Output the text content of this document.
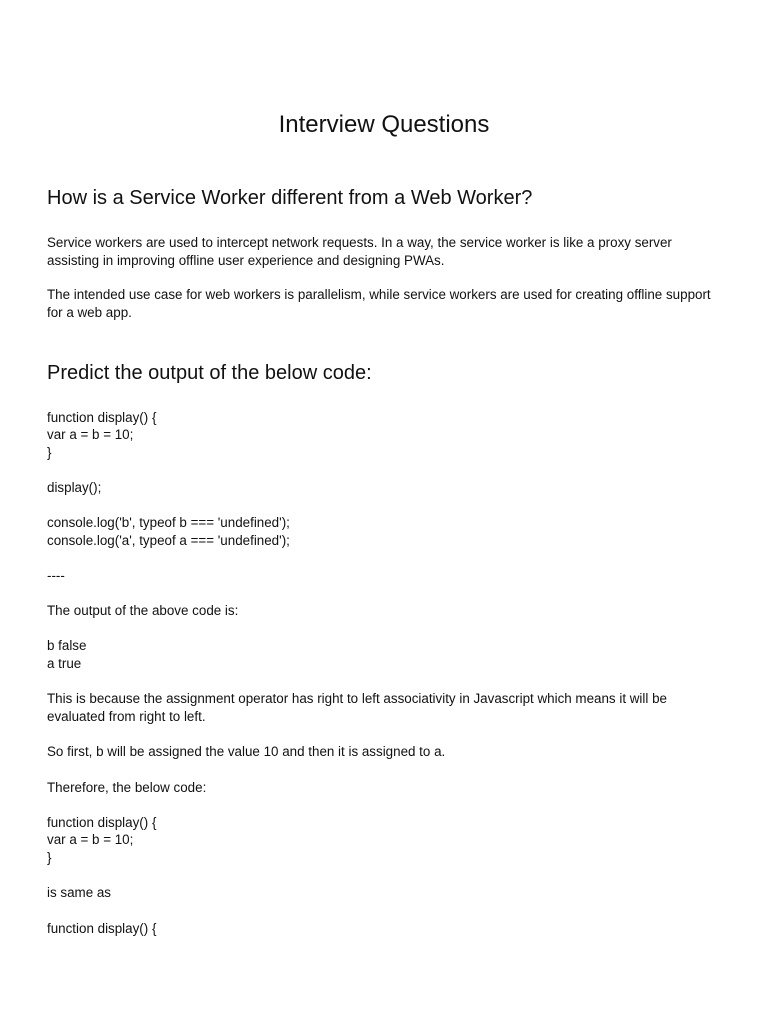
Interview Questions
How is a Service Worker different from a Web Worker?

Service workers are used to intercept network requests. In a way, the service worker is like a proxy server assisting in improving offline user experience and designing PWAs.

The intended use case for web workers is parallelism, while service workers are used for creating offline support for a web app.

Predict the output of the below code:
function display() {
var a = b = 10;
}
display();
console.log('b', typeof b === 'undefined');
console.log('a', typeof a === 'undefined');
----
The output of the above code is:
b false
a true

This is because the assignment operator has right to left associativity in Javascript which means it will be evaluated from right to left.

So first, b will be assigned the value 10 and then it is assigned to a.
Therefore, the below code:
function display() {
var a = b = 10;
}
is same as
function display() {
